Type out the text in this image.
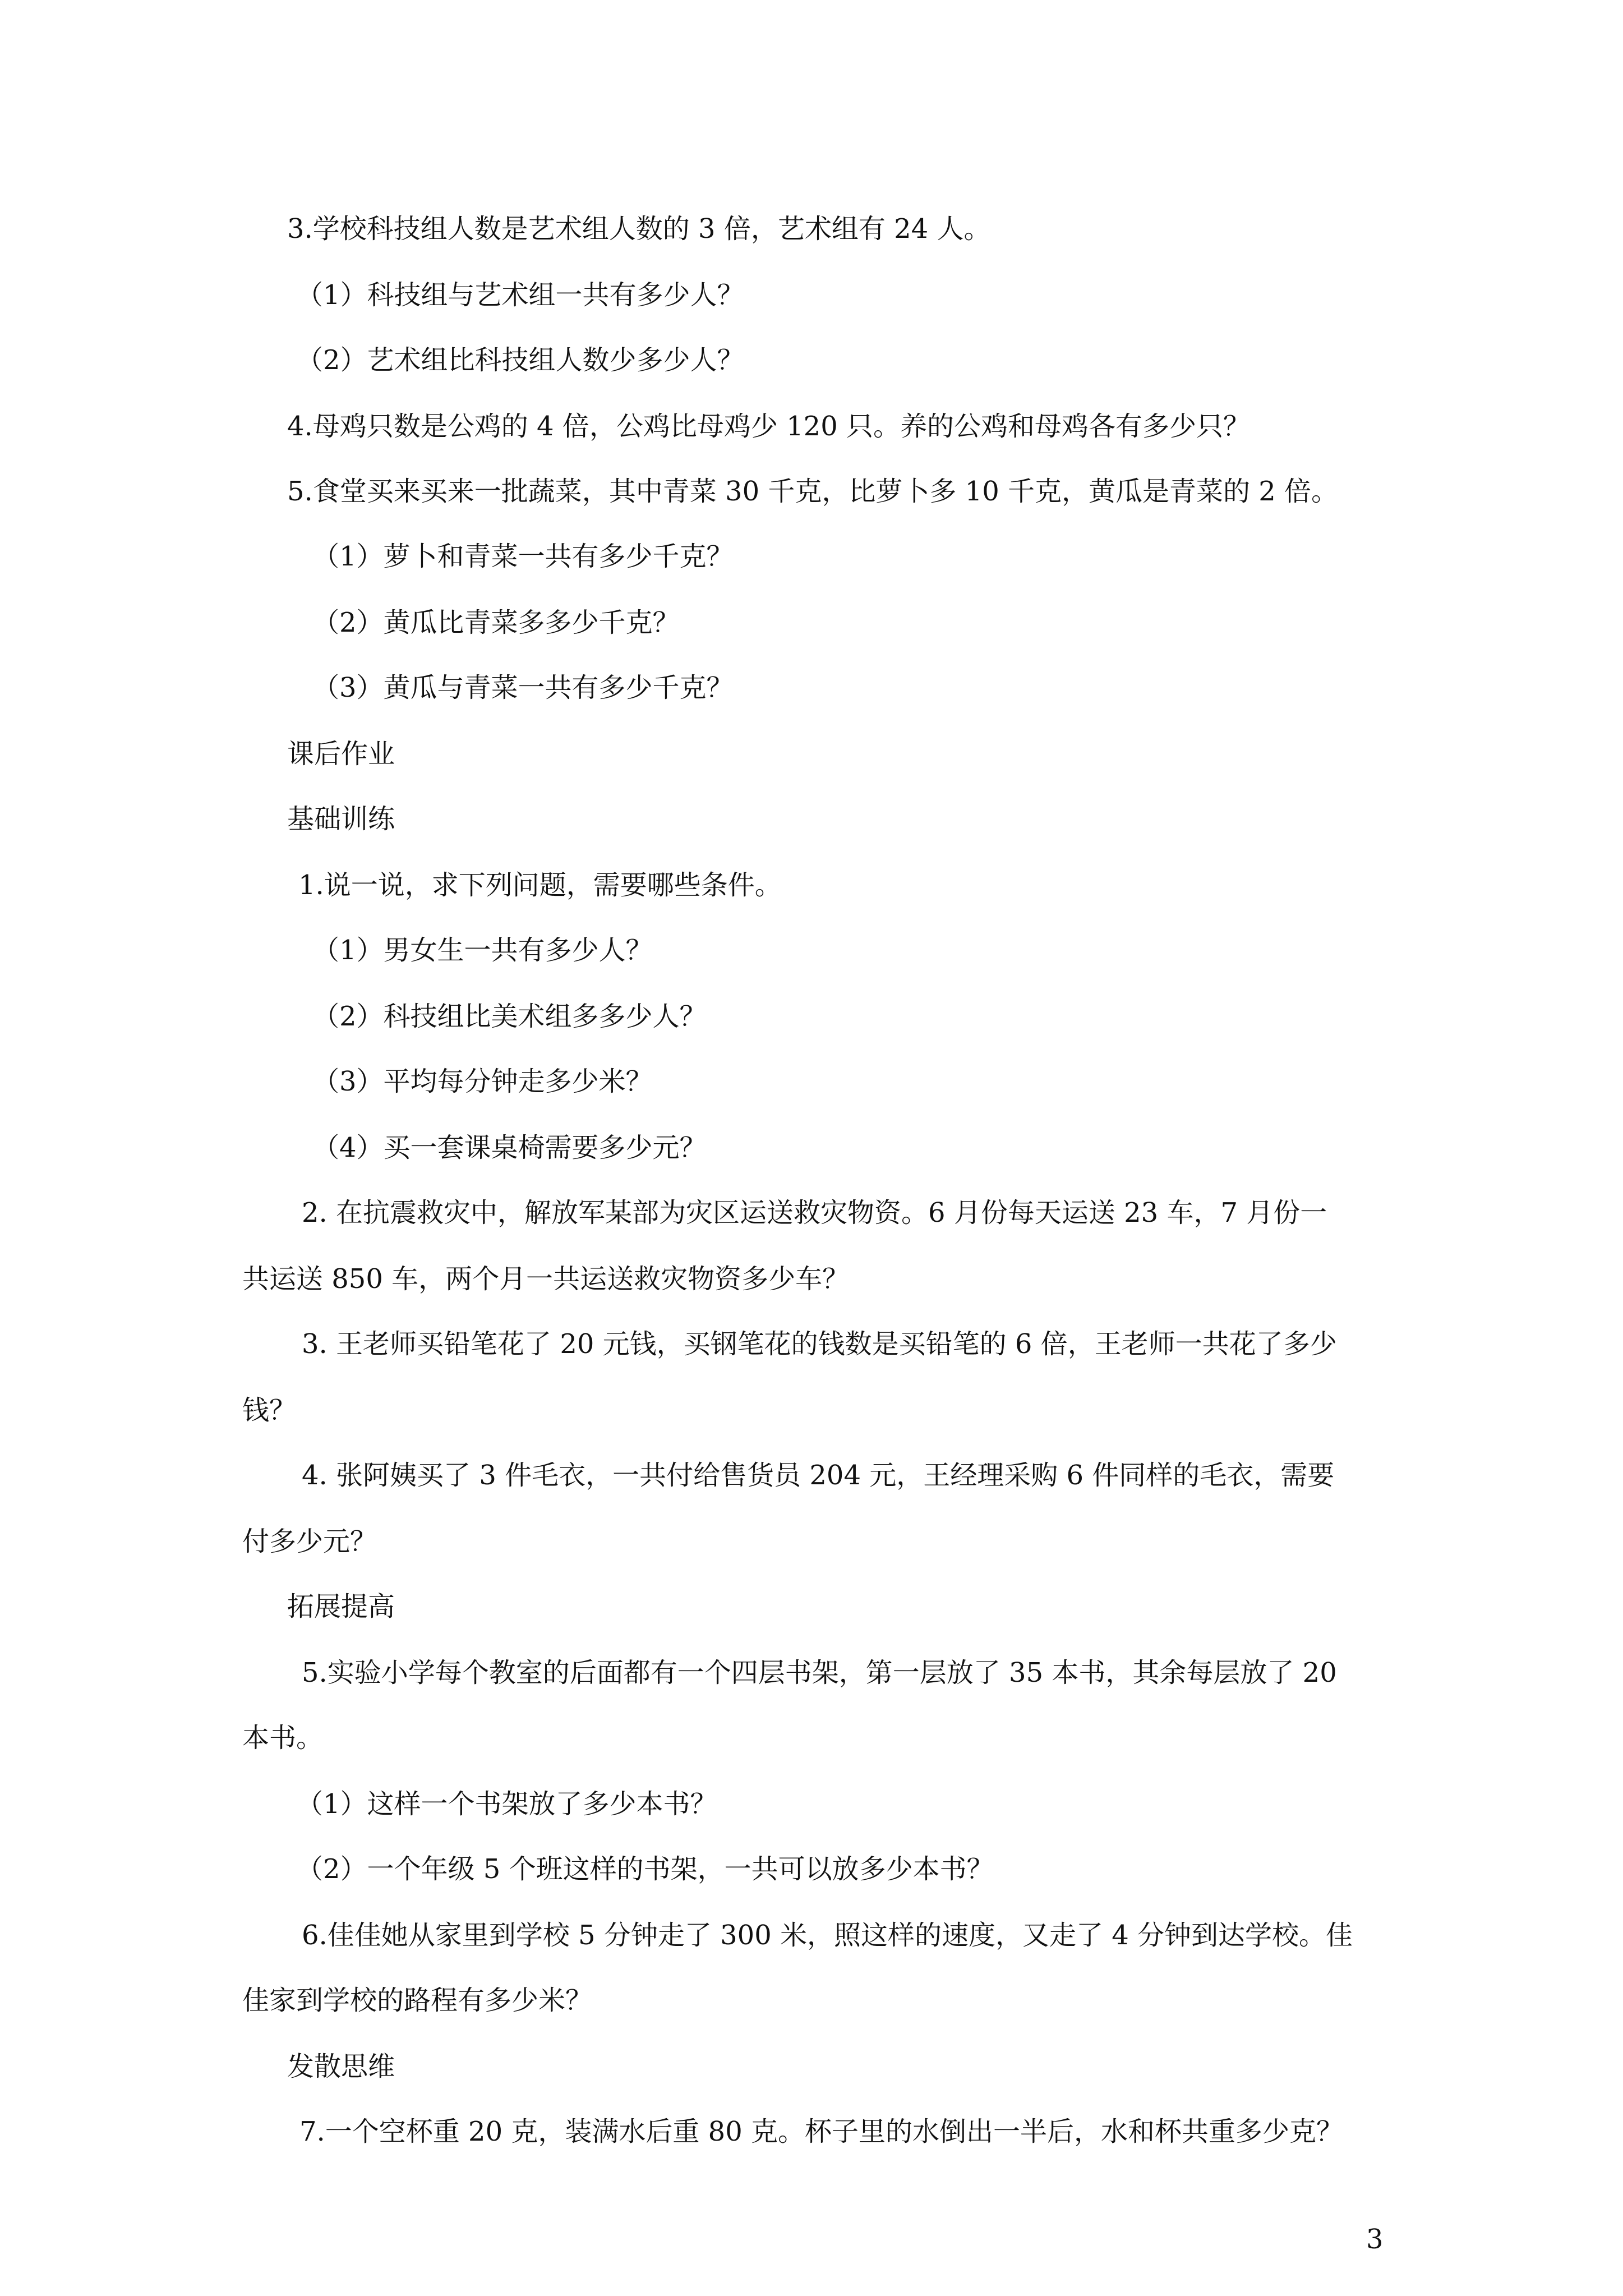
3.学校科技组人数是艺术组人数的 3 倍，艺术组有 24 人。
（1）科技组与艺术组一共有多少人？
（2）艺术组比科技组人数少多少人？
4.母鸡只数是公鸡的 4 倍，公鸡比母鸡少 120 只。养的公鸡和母鸡各有多少只？
5.食堂买来买来一批蔬菜，其中青菜 30 千克，比萝卜多 10 千克，黄瓜是青菜的 2 倍。
（1）萝卜和青菜一共有多少千克？
（2）黄瓜比青菜多多少千克？
（3）黄瓜与青菜一共有多少千克？
课后作业
基础训练
1.说一说，求下列问题，需要哪些条件。
（1）男女生一共有多少人？
（2）科技组比美术组多多少人？
（3）平均每分钟走多少米？
（4）买一套课桌椅需要多少元？
2. 在抗震救灾中，解放军某部为灾区运送救灾物资。6 月份每天运送 23 车，7 月份一
共运送 850 车，两个月一共运送救灾物资多少车？
3. 王老师买铅笔花了 20 元钱，买钢笔花的钱数是买铅笔的 6 倍，王老师一共花了多少
钱？
4. 张阿姨买了 3 件毛衣，一共付给售货员 204 元，王经理采购 6 件同样的毛衣，需要
付多少元？
拓展提高
5.实验小学每个教室的后面都有一个四层书架，第一层放了 35 本书，其余每层放了 20
本书。
（1）这样一个书架放了多少本书？
（2）一个年级 5 个班这样的书架，一共可以放多少本书？
6.佳佳她从家里到学校 5 分钟走了 300 米，照这样的速度，又走了 4 分钟到达学校。佳
佳家到学校的路程有多少米？
发散思维
7.一个空杯重 20 克，装满水后重 80 克。杯子里的水倒出一半后，水和杯共重多少克？
3
